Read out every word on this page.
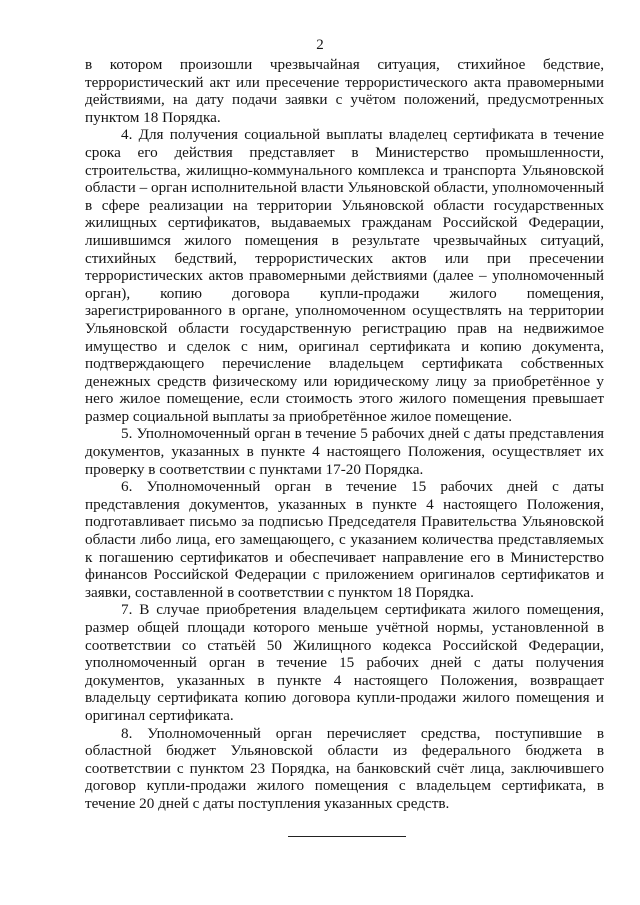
2

в котором произошли чрезвычайная ситуация, стихийное бедствие, террористический акт или пресечение террористического акта правомерными действиями, на дату подачи заявки с учётом положений, предусмотренных пунктом 18 Порядка.

4. Для получения социальной выплаты владелец сертификата в течение срока его действия представляет в Министерство промышленности, строительства, жилищно-коммунального комплекса и транспорта Ульяновской области – орган исполнительной власти Ульяновской области, уполномоченный в сфере реализации на территории Ульяновской области государственных жилищных сертификатов, выдаваемых гражданам Российской Федерации, лишившимся жилого помещения в результате чрезвычайных ситуаций, стихийных бедствий, террористических актов или при пресечении террористических актов правомерными действиями (далее – уполномоченный орган), копию договора купли-продажи жилого помещения, зарегистрированного в органе, уполномоченном осуществлять на территории Ульяновской области государственную регистрацию прав на недвижимое имущество и сделок с ним, оригинал сертификата и копию документа, подтверждающего перечисление владельцем сертификата собственных денежных средств физическому или юридическому лицу за приобретённое у него жилое помещение, если стоимость этого жилого помещения превышает размер социальной выплаты за приобретённое жилое помещение.

5. Уполномоченный орган в течение 5 рабочих дней с даты представления документов, указанных в пункте 4 настоящего Положения, осуществляет их проверку в соответствии с пунктами 17-20 Порядка.

6. Уполномоченный орган в течение 15 рабочих дней с даты представления документов, указанных в пункте 4 настоящего Положения, подготавливает письмо за подписью Председателя Правительства Ульяновской области либо лица, его замещающего, с указанием количества представляемых к погашению сертификатов и обеспечивает направление его в Министерство финансов Российской Федерации с приложением оригиналов сертификатов и заявки, составленной в соответствии с пунктом 18 Порядка.

7. В случае приобретения владельцем сертификата жилого помещения, размер общей площади которого меньше учётной нормы, установленной в соответствии со статьёй 50 Жилищного кодекса Российской Федерации, уполномоченный орган в течение 15 рабочих дней с даты получения документов, указанных в пункте 4 настоящего Положения, возвращает владельцу сертификата копию договора купли-продажи жилого помещения и оригинал сертификата.

8. Уполномоченный орган перечисляет средства, поступившие в областной бюджет Ульяновской области из федерального бюджета в соответствии с пунктом 23 Порядка, на банковский счёт лица, заключившего договор купли-продажи жилого помещения с владельцем сертификата, в течение 20 дней с даты поступления указанных средств.
